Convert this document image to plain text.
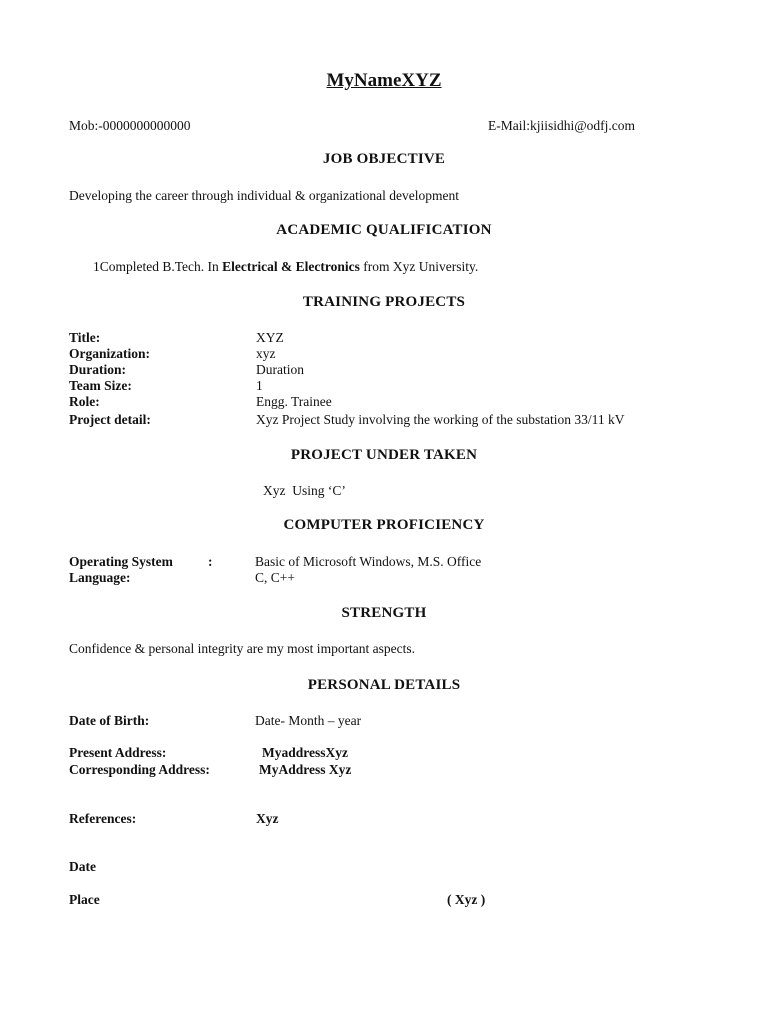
MyNameXYZ
Mob:-0000000000000	E-Mail:kjiisidhi@odfj.com
JOB OBJECTIVE
Developing the career through individual & organizational development
ACADEMIC QUALIFICATION
1Completed B.Tech. In Electrical & Electronics from Xyz University.
TRAINING PROJECTS
Title:	XYZ
Organization:	xyz
Duration:	Duration
Team Size:	1
Role:	Engg. Trainee
Project detail:	Xyz Project Study involving the working of the substation 33/11 kV
PROJECT UNDER TAKEN
Xyz  Using ‘C’
COMPUTER PROFICIENCY
Operating System	:	Basic of Microsoft Windows, M.S. Office
Language:	C, C++
STRENGTH
Confidence & personal integrity are my most important aspects.
PERSONAL DETAILS
Date of Birth:	Date- Month – year
Present Address:	MyaddressXyz
Corresponding Address:	MyAddress Xyz
References:	Xyz
Date
Place	( Xyz )
